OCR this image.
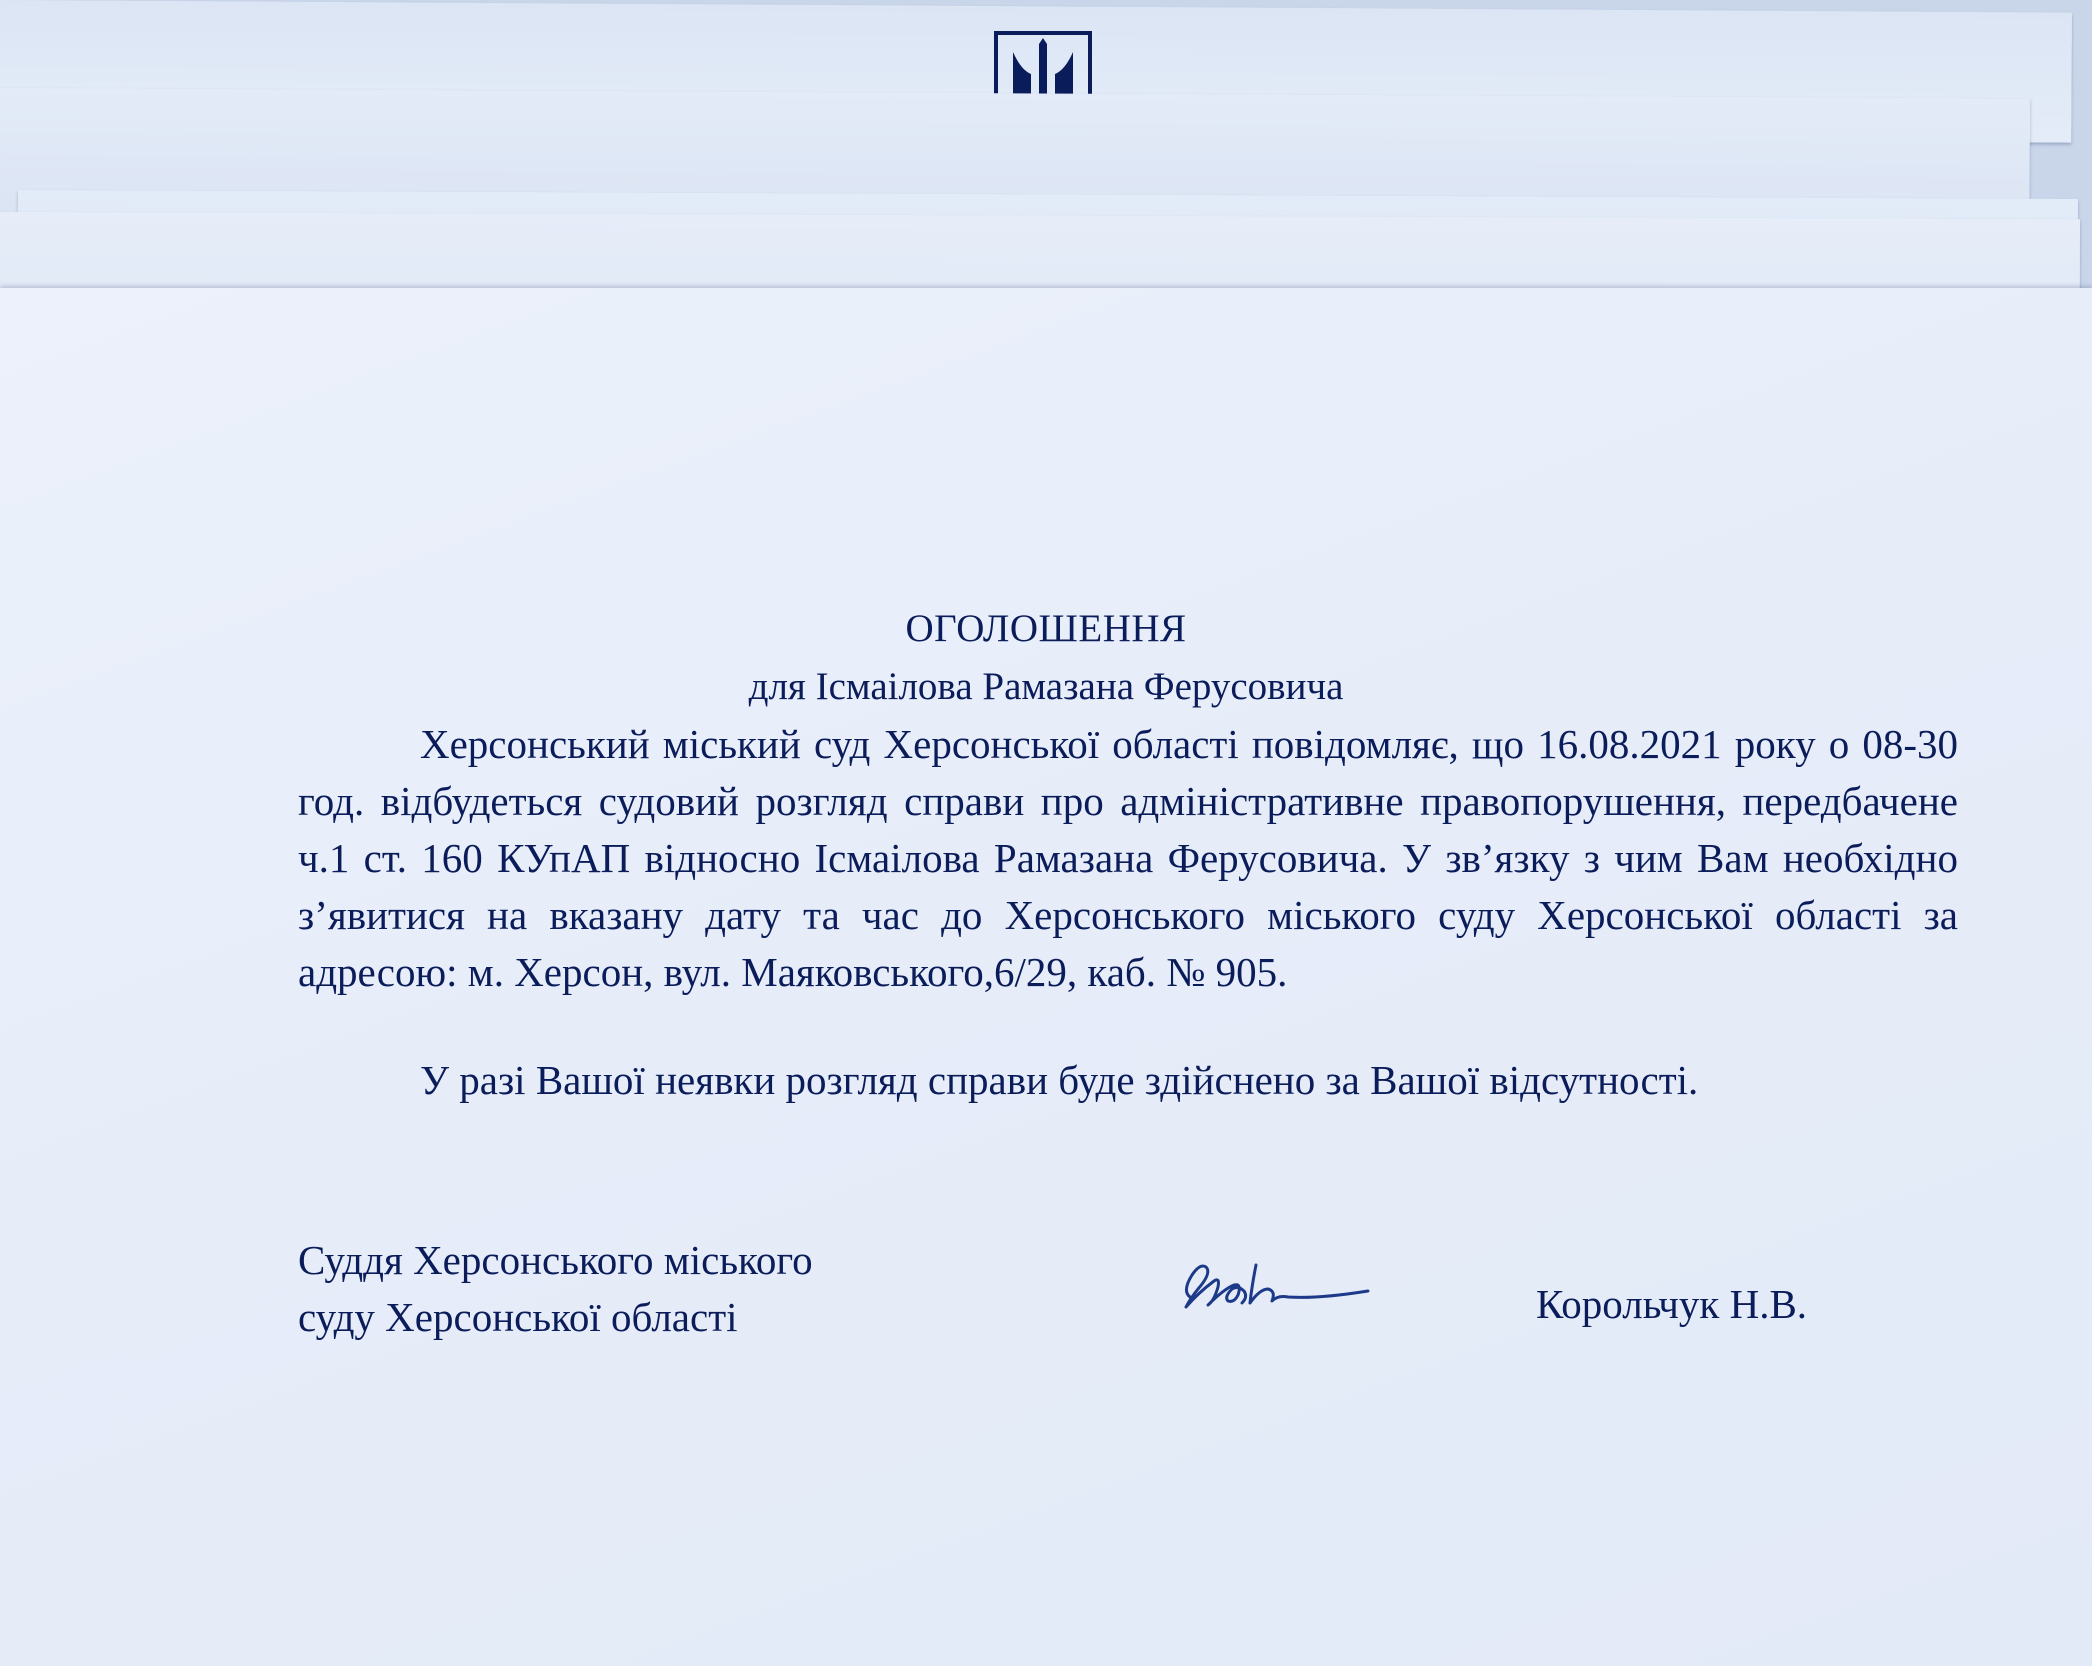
ОГОЛОШЕННЯ

для Ісмаілова Рамазана Ферусовича

Херсонський міський суд Херсонської області повідомляє, що 16.08.2021 року о 08-30 год. відбудеться судовий розгляд справи про адміністративне правопорушення, передбачене ч.1 ст. 160 КУпАП відносно Ісмаілова Рамазана Ферусовича. У зв’язку з чим Вам необхідно з’явитися на вказану дату та час до Херсонського міського суду Херсонської області за адресою: м. Херсон, вул. Маяковського,6/29, каб. № 905.

У разі Вашої неявки розгляд справи буде здійснено за Вашої відсутності.

Суддя Херсонського міського
суду Херсонської області	Корольчук Н.В.
